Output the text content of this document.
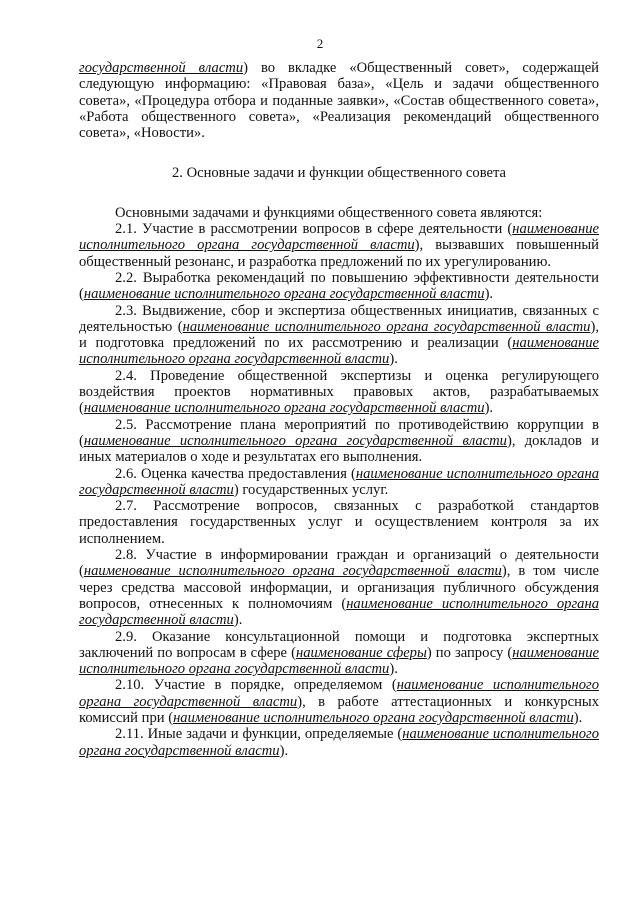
2

государственной власти) во вкладке «Общественный совет», содержащей следующую информацию: «Правовая база», «Цель и задачи общественного совета», «Процедура отбора и поданные заявки», «Состав общественного совета», «Работа общественного совета», «Реализация рекомендаций общественного совета», «Новости».

2. Основные задачи и функции общественного совета

Основными задачами и функциями общественного совета являются:

2.1. Участие в рассмотрении вопросов в сфере деятельности (наименование исполнительного органа государственной власти), вызвавших повышенный общественный резонанс, и разработка предложений по их урегулированию.

2.2. Выработка рекомендаций по повышению эффективности деятельности (наименование исполнительного органа государственной власти).

2.3. Выдвижение, сбор и экспертиза общественных инициатив, связанных с деятельностью (наименование исполнительного органа государственной власти), и подготовка предложений по их рассмотрению и реализации (наименование исполнительного органа государственной власти).

2.4. Проведение общественной экспертизы и оценка регулирующего воздействия проектов нормативных правовых актов, разрабатываемых (наименование исполнительного органа государственной власти).

2.5. Рассмотрение плана мероприятий по противодействию коррупции в (наименование исполнительного органа государственной власти), докладов и иных материалов о ходе и результатах его выполнения.

2.6. Оценка качества предоставления (наименование исполнительного органа государственной власти) государственных услуг.

2.7. Рассмотрение вопросов, связанных с разработкой стандартов предоставления государственных услуг и осуществлением контроля за их исполнением.

2.8. Участие в информировании граждан и организаций о деятельности (наименование исполнительного органа государственной власти), в том числе через средства массовой информации, и организация публичного обсуждения вопросов, отнесенных к полномочиям (наименование исполнительного органа государственной власти).

2.9. Оказание консультационной помощи и подготовка экспертных заключений по вопросам в сфере (наименование сферы) по запросу (наименование исполнительного органа государственной власти).

2.10. Участие в порядке, определяемом (наименование исполнительного органа государственной власти), в работе аттестационных и конкурсных комиссий при (наименование исполнительного органа государственной власти).

2.11. Иные задачи и функции, определяемые (наименование исполнительного органа государственной власти).
